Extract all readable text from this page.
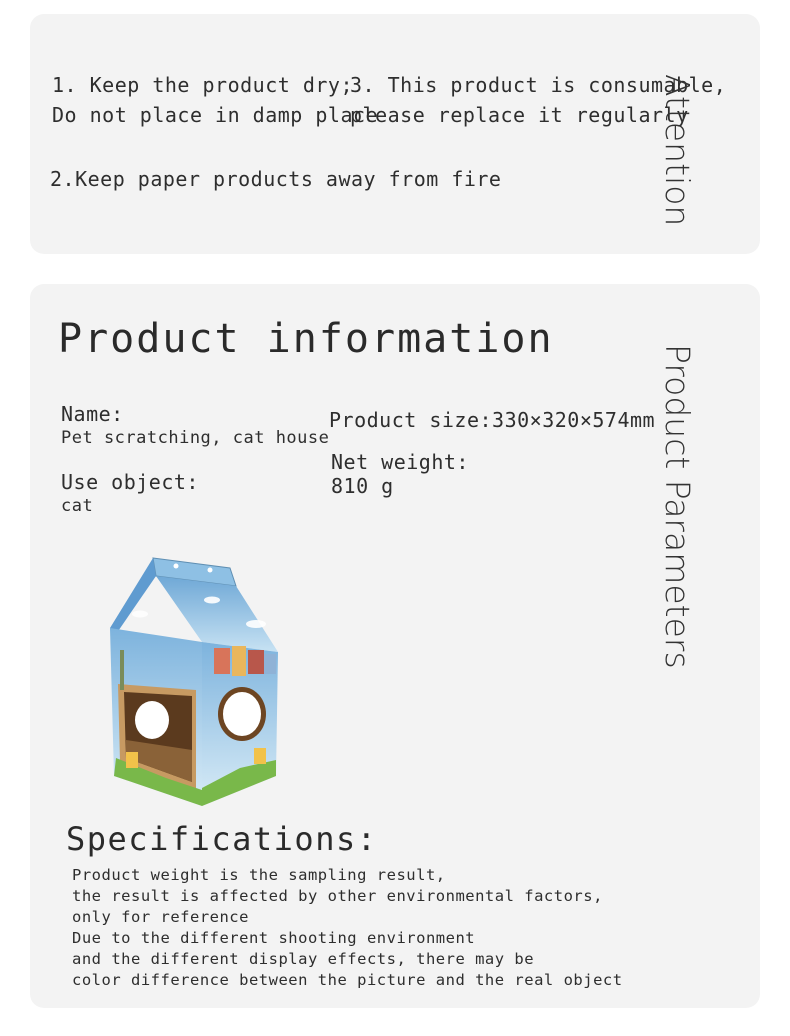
1. Keep the product dry;
Do not place in damp place
3. This product is consumable,
please replace it regularly
2.Keep paper products away from fire	Attention
Product information
Name:
Pet scratching, cat house
Use object:
cat
Product size:330×320×574mm
Net weight:
810 g	Product Parameters
Specifications:
Product weight is the sampling result,
the result is affected by other environmental factors,
only for reference
Due to the different shooting environment
and the different display effects, there may be
color difference between the picture and the real object
